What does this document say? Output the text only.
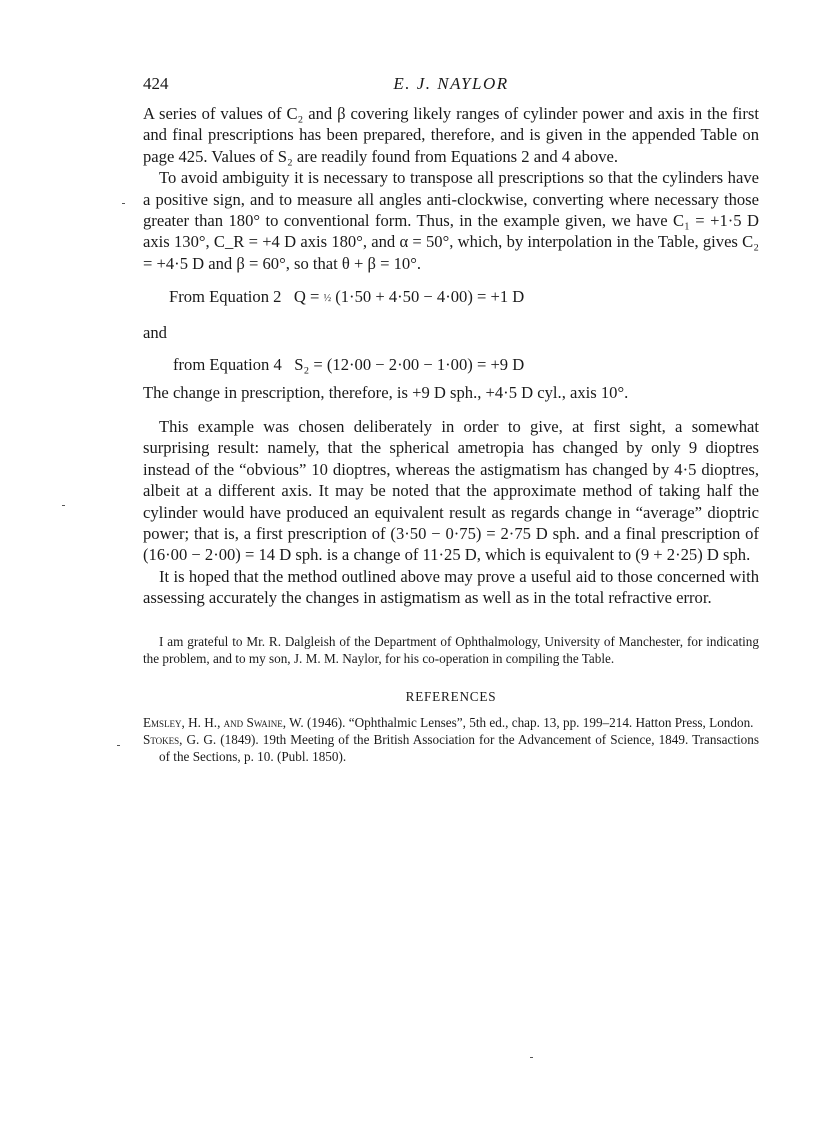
424	E. J. NAYLOR

A series of values of C₂ and β covering likely ranges of cylinder power and axis in the first and final prescriptions has been prepared, therefore, and is given in the appended Table on page 425. Values of S₂ are readily found from Equations 2 and 4 above.

To avoid ambiguity it is necessary to transpose all prescriptions so that the cylinders have a positive sign, and to measure all angles anti-clockwise, converting where necessary those greater than 180° to conventional form. Thus, in the example given, we have C₁ = +1·5 D axis 130°, C_R = +4 D axis 180°, and α = 50°, which, by interpolation in the Table, gives C₂ = +4·5 D and β = 60°, so that θ + β = 10°.

From Equation 2 Q = ½ (1·50 + 4·50 − 4·00) = +1 D
and
from Equation 4 S₂ = (12·00 − 2·00 − 1·00) = +9 D

The change in prescription, therefore, is +9 D sph., +4·5 D cyl., axis 10°.

This example was chosen deliberately in order to give, at first sight, a somewhat surprising result: namely, that the spherical ametropia has changed by only 9 dioptres instead of the “obvious” 10 dioptres, whereas the astigmatism has changed by 4·5 dioptres, albeit at a different axis. It may be noted that the approximate method of taking half the cylinder would have produced an equivalent result as regards change in “average” dioptric power; that is, a first prescription of (3·50 − 0·75) = 2·75 D sph. and a final prescription of (16·00 − 2·00) = 14 D sph. is a change of 11·25 D, which is equivalent to (9 + 2·25) D sph.

It is hoped that the method outlined above may prove a useful aid to those concerned with assessing accurately the changes in astigmatism as well as in the total refractive error.

I am grateful to Mr. R. Dalgleish of the Department of Ophthalmology, University of Manchester, for indicating the problem, and to my son, J. M. M. Naylor, for his co-operation in compiling the Table.

REFERENCES

Emsley, H. H., and Swaine, W. (1946). “Ophthalmic Lenses”, 5th ed., chap. 13, pp. 199–214. Hatton Press, London.

Stokes, G. G. (1849). 19th Meeting of the British Association for the Advancement of Science, 1849. Transactions of the Sections, p. 10. (Publ. 1850).
